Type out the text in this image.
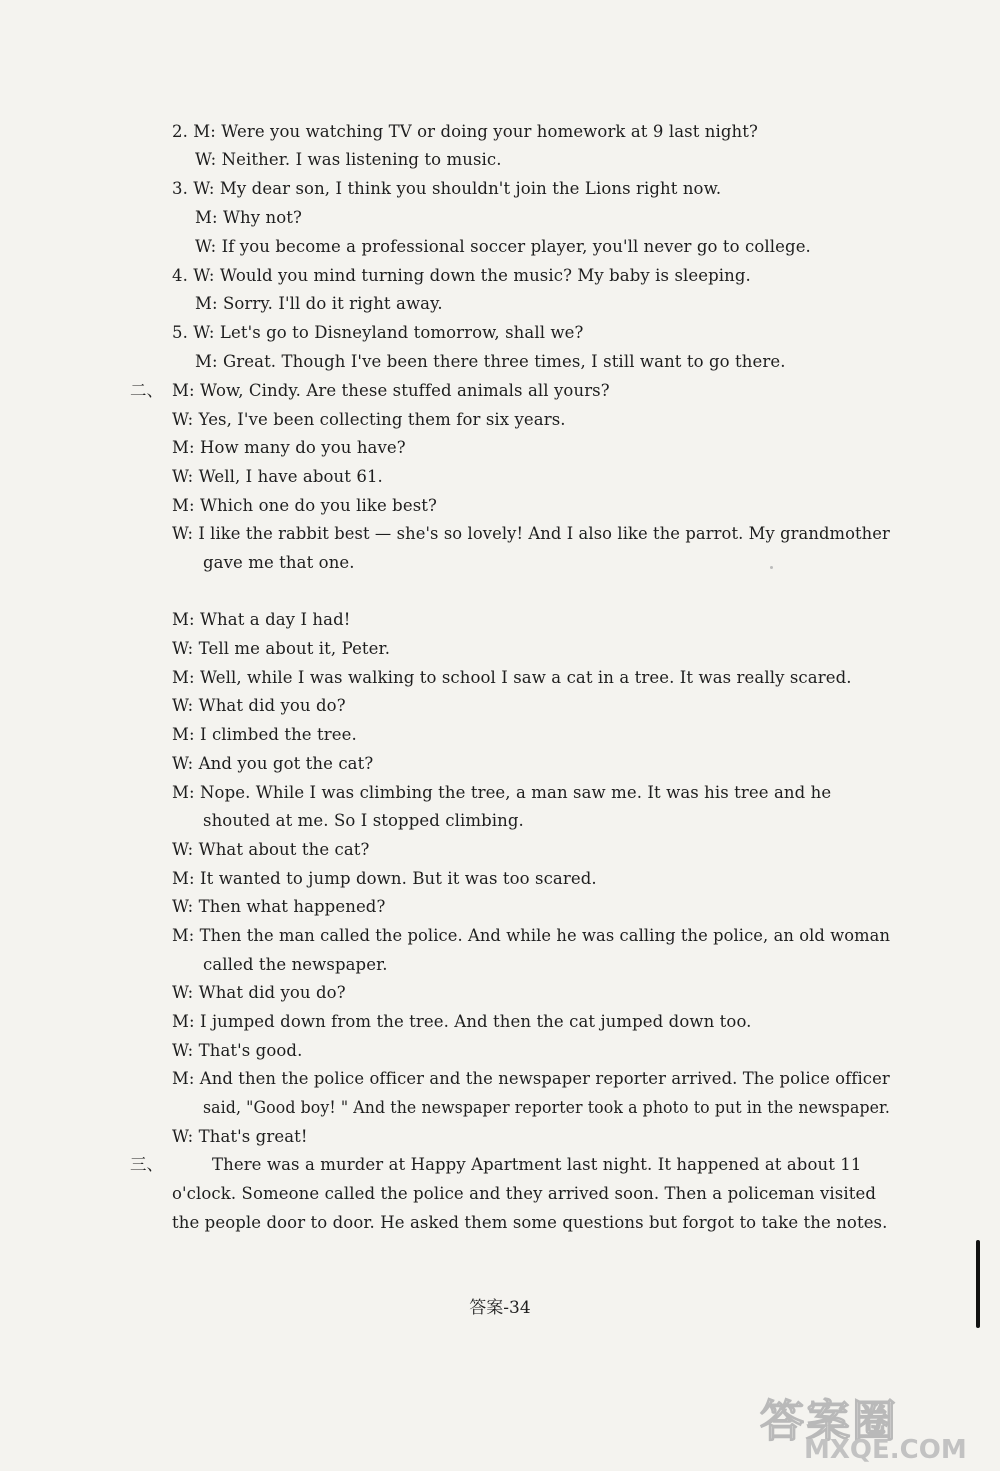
2. M: Were you watching TV or doing your homework at 9 last night?
W: Neither. I was listening to music.
3. W: My dear son, I think you shouldn't join the Lions right now.
M: Why not?
W: If you become a professional soccer player, you'll never go to college.
4. W: Would you mind turning down the music? My baby is sleeping.
M: Sorry. I'll do it right away.
5. W: Let's go to Disneyland tomorrow, shall we?
M: Great. Though I've been there three times, I still want to go there.
二、 M: Wow, Cindy. Are these stuffed animals all yours?
W: Yes, I've been collecting them for six years.
M: How many do you have?
W: Well, I have about 61.
M: Which one do you like best?
W: I like the rabbit best — she's so lovely! And I also like the parrot. My grandmother
gave me that one.
M: What a day I had!
W: Tell me about it, Peter.
M: Well, while I was walking to school I saw a cat in a tree. It was really scared.
W: What did you do?
M: I climbed the tree.
W: And you got the cat?
M: Nope. While I was climbing the tree, a man saw me. It was his tree and he
shouted at me. So I stopped climbing.
W: What about the cat?
M: It wanted to jump down. But it was too scared.
W: Then what happened?
M: Then the man called the police. And while he was calling the police, an old woman
called the newspaper.
W: What did you do?
M: I jumped down from the tree. And then the cat jumped down too.
W: That's good.
M: And then the police officer and the newspaper reporter arrived. The police officer
said, "Good boy! " And the newspaper reporter took a photo to put in the newspaper.
W: That's great!
三、	There was a murder at Happy Apartment last night. It happened at about 11
o'clock. Someone called the police and they arrived soon. Then a policeman visited
the people door to door. He asked them some questions but forgot to take the notes.
答案-34
答案圈
MXQE.COM
